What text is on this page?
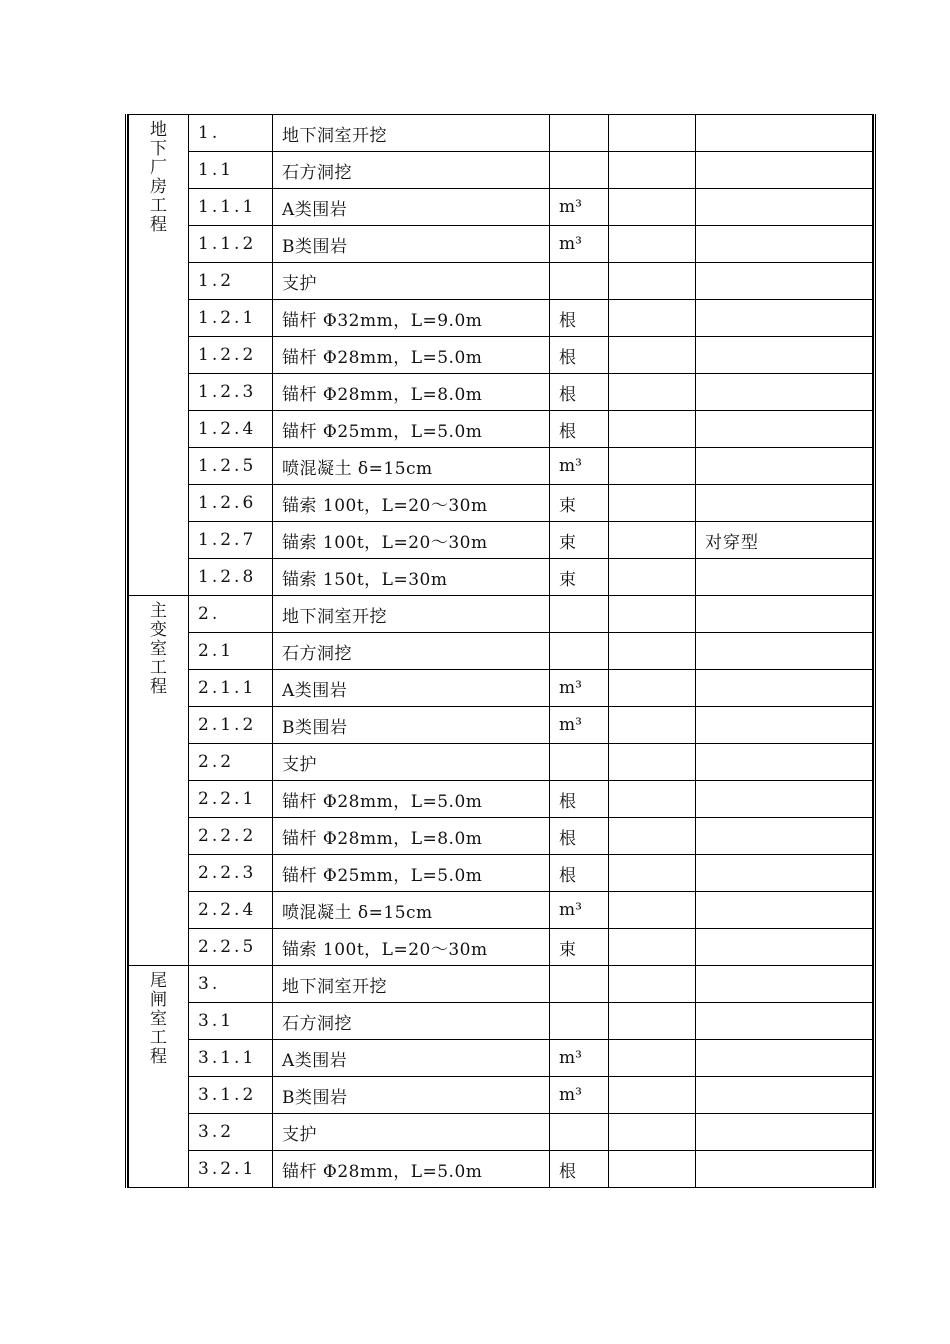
地下厂房工程	1.	地下洞室开挖			
	1.1	石方洞挖			
	1.1.1	A类围岩	m³		
	1.1.2	B类围岩	m³		
	1.2	支护			
	1.2.1	锚杆 Φ32mm，L=9.0m	根		
	1.2.2	锚杆 Φ28mm，L=5.0m	根		
	1.2.3	锚杆 Φ28mm，L=8.0m	根		
	1.2.4	锚杆 Φ25mm，L=5.0m	根		
	1.2.5	喷混凝土 δ=15cm	m³		
	1.2.6	锚索 100t，L=20～30m	束		
	1.2.7	锚索 100t，L=20～30m	束		对穿型
	1.2.8	锚索 150t，L=30m	束		
主变室工程	2.	地下洞室开挖			
	2.1	石方洞挖			
	2.1.1	A类围岩	m³		
	2.1.2	B类围岩	m³		
	2.2	支护			
	2.2.1	锚杆 Φ28mm，L=5.0m	根		
	2.2.2	锚杆 Φ28mm，L=8.0m	根		
	2.2.3	锚杆 Φ25mm，L=5.0m	根		
	2.2.4	喷混凝土 δ=15cm	m³		
	2.2.5	锚索 100t，L=20～30m	束		
尾闸室工程	3.	地下洞室开挖			
	3.1	石方洞挖			
	3.1.1	A类围岩	m³		
	3.1.2	B类围岩	m³		
	3.2	支护			
	3.2.1	锚杆 Φ28mm，L=5.0m	根		
